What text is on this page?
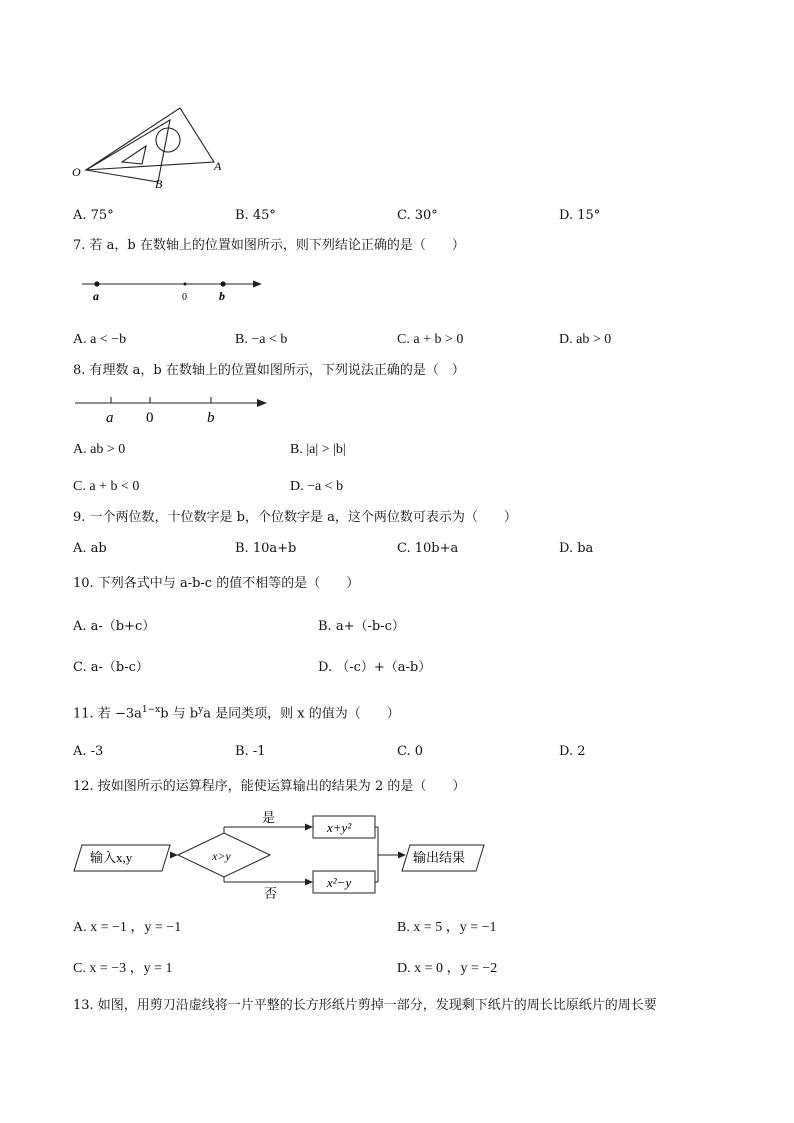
O	A
B
A. 75°	B. 45°	C. 30°	D. 15°
7. 若 a，b 在数轴上的位置如图所示，则下列结论正确的是（　　）
a	0	b
A. a < −b	B. −a < b	C. a + b > 0	D. ab > 0
8. 有理数 a，b 在数轴上的位置如图所示，下列说法正确的是（　）
a 0	b
A. ab > 0	B. |a| > |b|
C. a + b < 0	D. −a < b
9. 一个两位数，十位数字是 b，个位数字是 a，这个两位数可表示为（　　）
A. ab	B. 10a+b	C. 10b+a	D. ba
10. 下列各式中与 a-b-c 的值不相等的是（　　）
A. a-（b+c）	B. a+（-b-c）
C. a-（b-c）	D. （-c）+（a-b）
11. 若 $-3a^{1-x}b$ 与 $b^ya$ 是同类项，则 x 的值为（　　）
A. -3	B. -1	C. 0	D. 2
12. 按如图所示的运算程序，能使运算输出的结果为 2 的是（　　）
输入x,y	x>y
是
否
x+y²
x²−y
输出结果
A. x = −1 ，y = −1	B. x = 5 ，y = −1
C. x = −3 ，y = 1	D. x = 0 ，y = −2
13. 如图，用剪刀沿虚线将一片平整的长方形纸片剪掉一部分，发现剩下纸片的周长比原纸片的周长要
